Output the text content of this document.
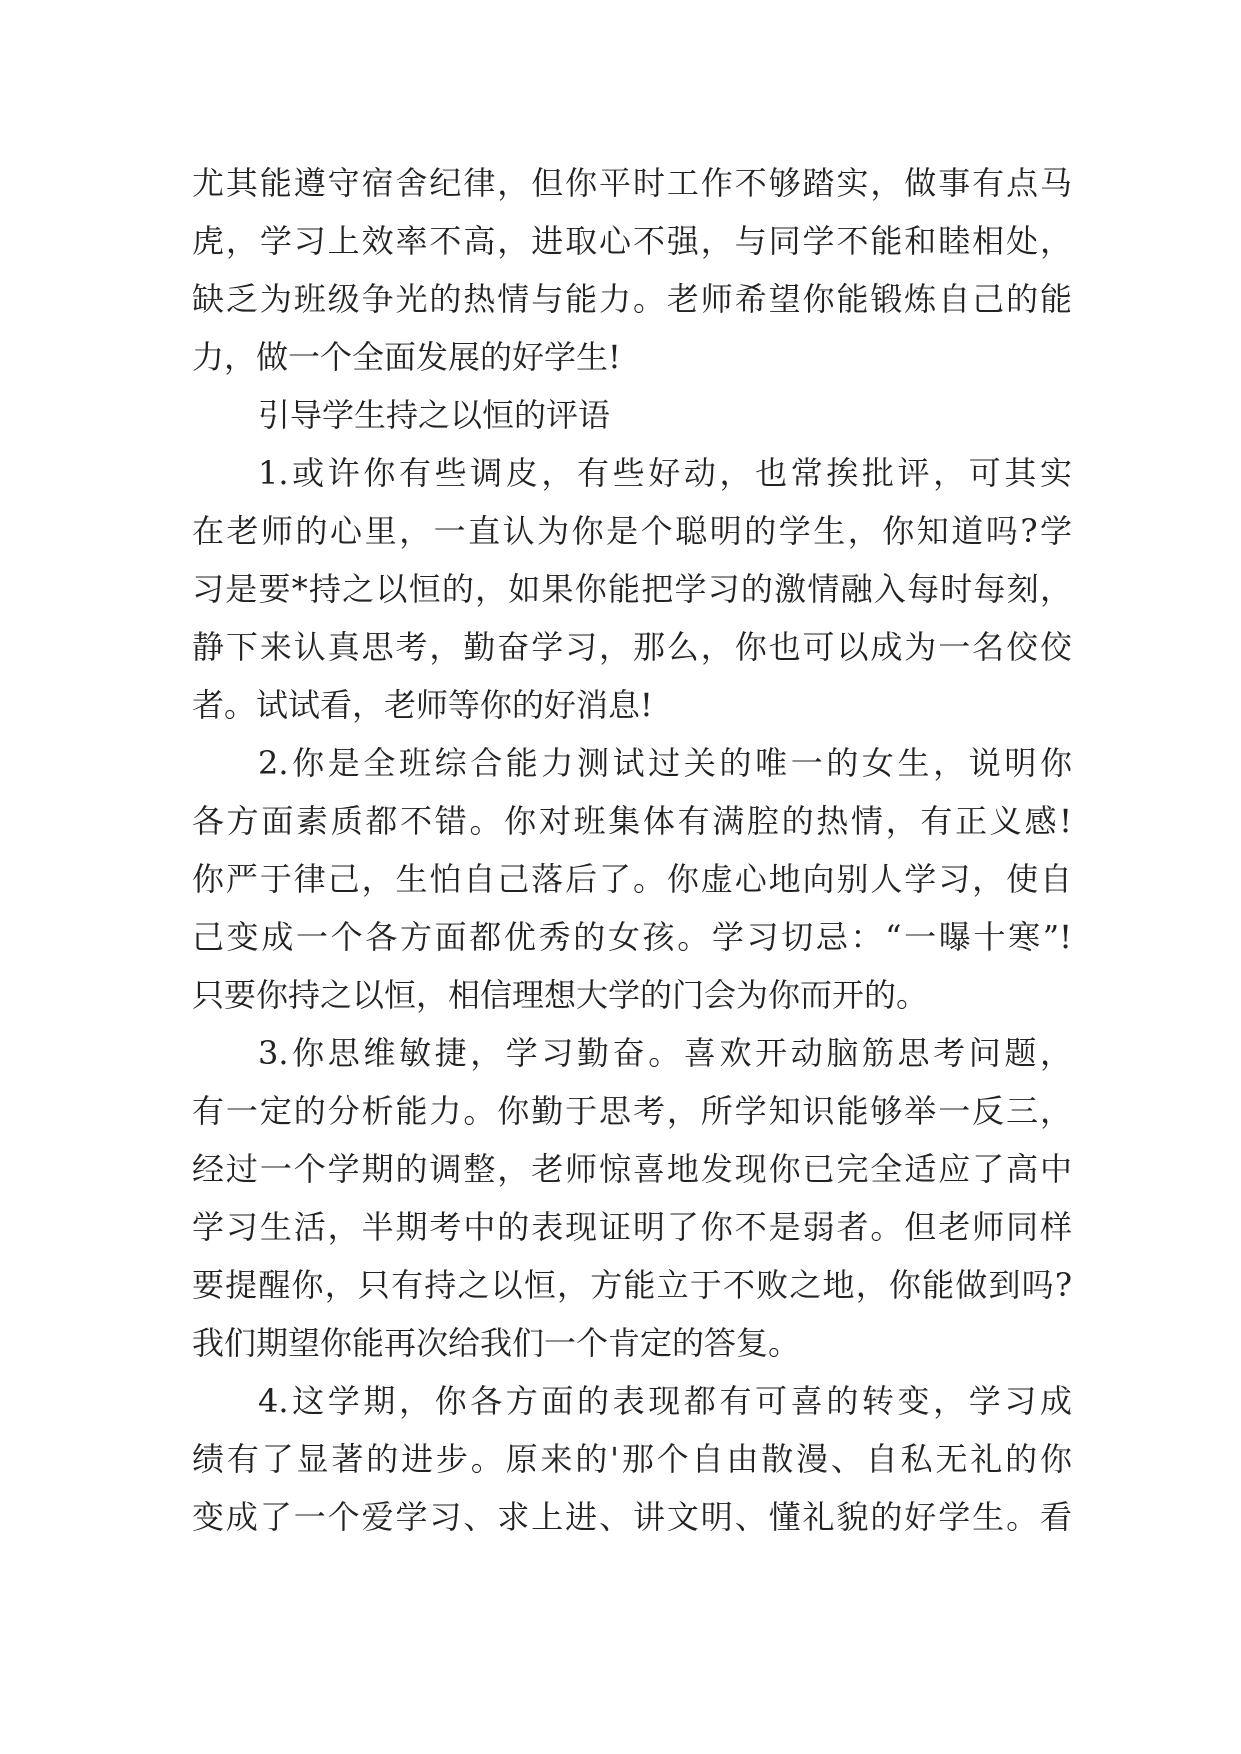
尤其能遵守宿舍纪律，但你平时工作不够踏实，做事有点马
虎，学习上效率不高，进取心不强，与同学不能和睦相处，
缺乏为班级争光的热情与能力。老师希望你能锻炼自己的能
力，做一个全面发展的好学生!
引导学生持之以恒的评语
1.或许你有些调皮，有些好动，也常挨批评，可其实
在老师的心里，一直认为你是个聪明的学生，你知道吗?学
习是要*持之以恒的，如果你能把学习的激情融入每时每刻，
静下来认真思考，勤奋学习，那么，你也可以成为一名佼佼
者。试试看，老师等你的好消息!
2.你是全班综合能力测试过关的唯一的女生，说明你
各方面素质都不错。你对班集体有满腔的热情，有正义感!
你严于律己，生怕自己落后了。你虚心地向别人学习，使自
己变成一个各方面都优秀的女孩。学习切忌：“一曝十寒”!
只要你持之以恒，相信理想大学的门会为你而开的。
3.你思维敏捷，学习勤奋。喜欢开动脑筋思考问题，
有一定的分析能力。你勤于思考，所学知识能够举一反三，
经过一个学期的调整，老师惊喜地发现你已完全适应了高中
学习生活，半期考中的表现证明了你不是弱者。但老师同样
要提醒你，只有持之以恒，方能立于不败之地，你能做到吗?
我们期望你能再次给我们一个肯定的答复。
4.这学期，你各方面的表现都有可喜的转变，学习成
绩有了显著的进步。原来的'那个自由散漫、自私无礼的你
变成了一个爱学习、求上进、讲文明、懂礼貌的好学生。看
